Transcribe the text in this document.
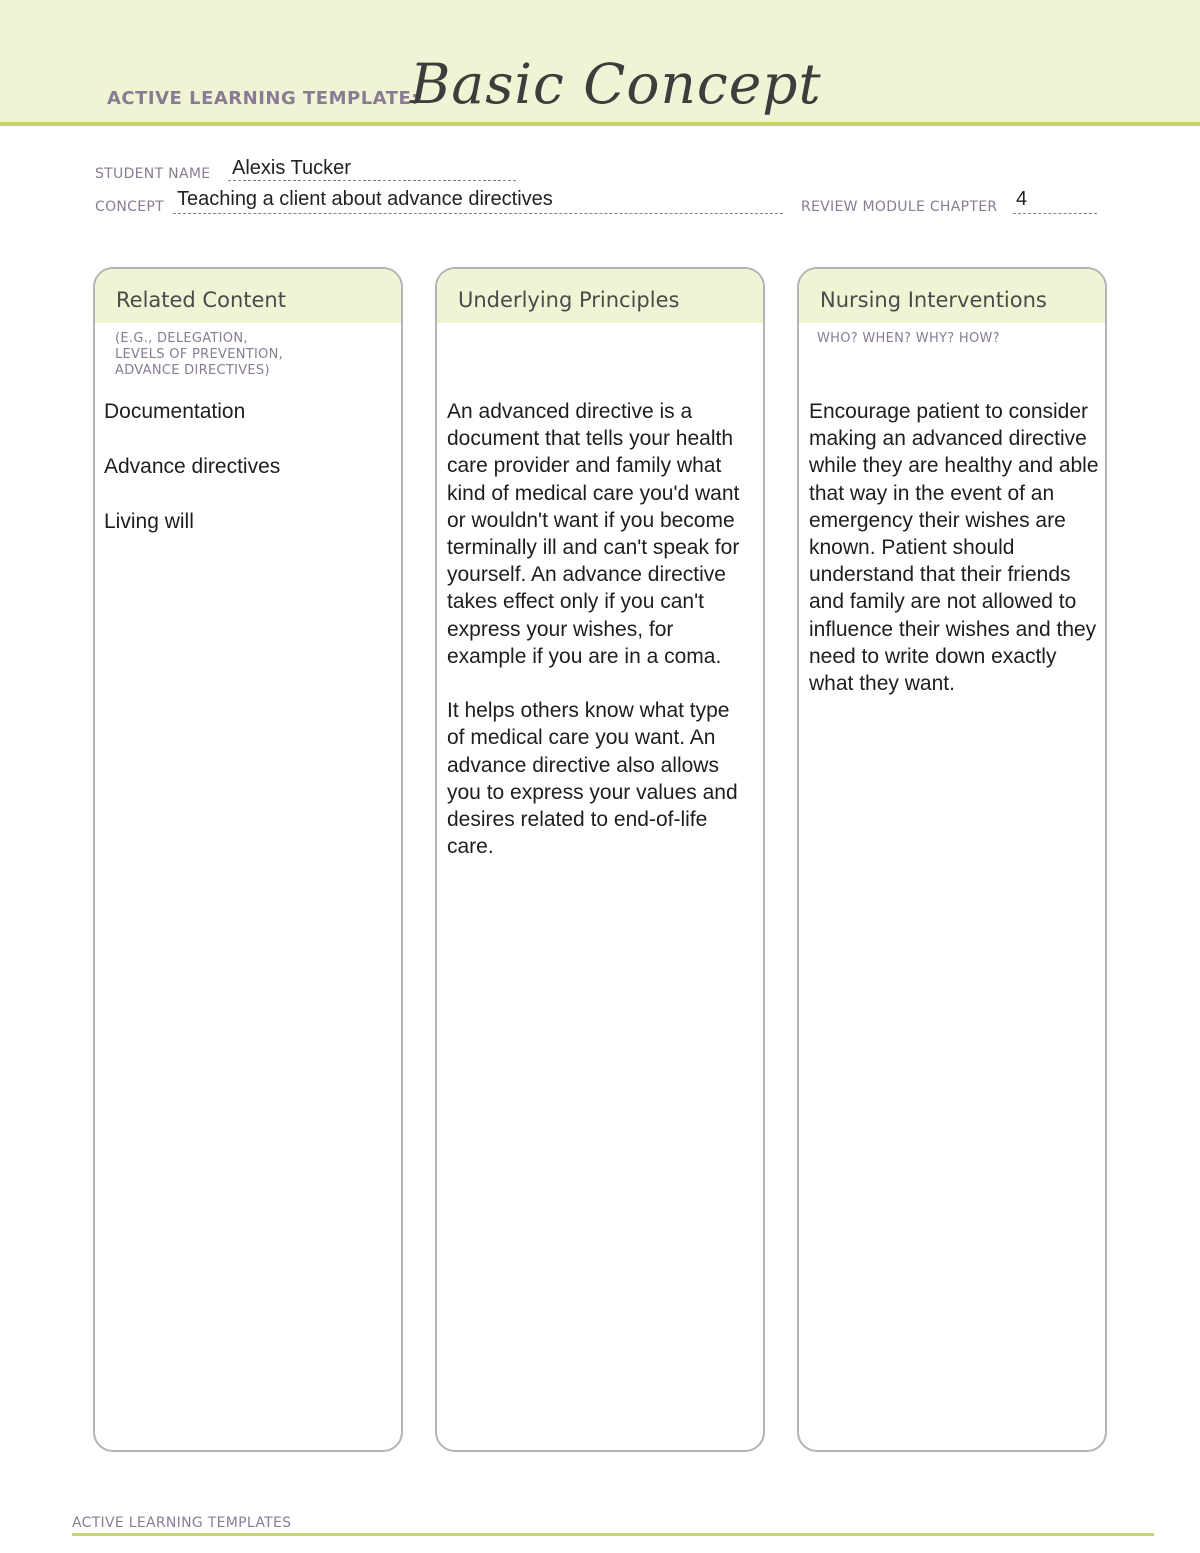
ACTIVE LEARNING TEMPLATE:
Basic Concept
STUDENT NAME Alexis Tucker
CONCEPT Teaching a client about advance directives	REVIEW MODULE CHAPTER 4
Related Content
(E.G., DELEGATION,
LEVELS OF PREVENTION,
ADVANCE DIRECTIVES)
Documentation
Advance directives
Living will
Underlying Principles

An advanced directive is a document that tells your health care provider and family what kind of medical care you'd want or wouldn't want if you become terminally ill and can't speak for yourself. An advance directive takes effect only if you can't express your wishes, for example if you are in a coma.

It helps others know what type of medical care you want. An advance directive also allows you to express your values and desires related to end-of-life care.

Nursing Interventions
WHO? WHEN? WHY? HOW?

Encourage patient to consider making an advanced directive while they are healthy and able that way in the event of an emergency their wishes are known. Patient should understand that their friends and family are not allowed to influence their wishes and they need to write down exactly what they want.

ACTIVE LEARNING TEMPLATES
